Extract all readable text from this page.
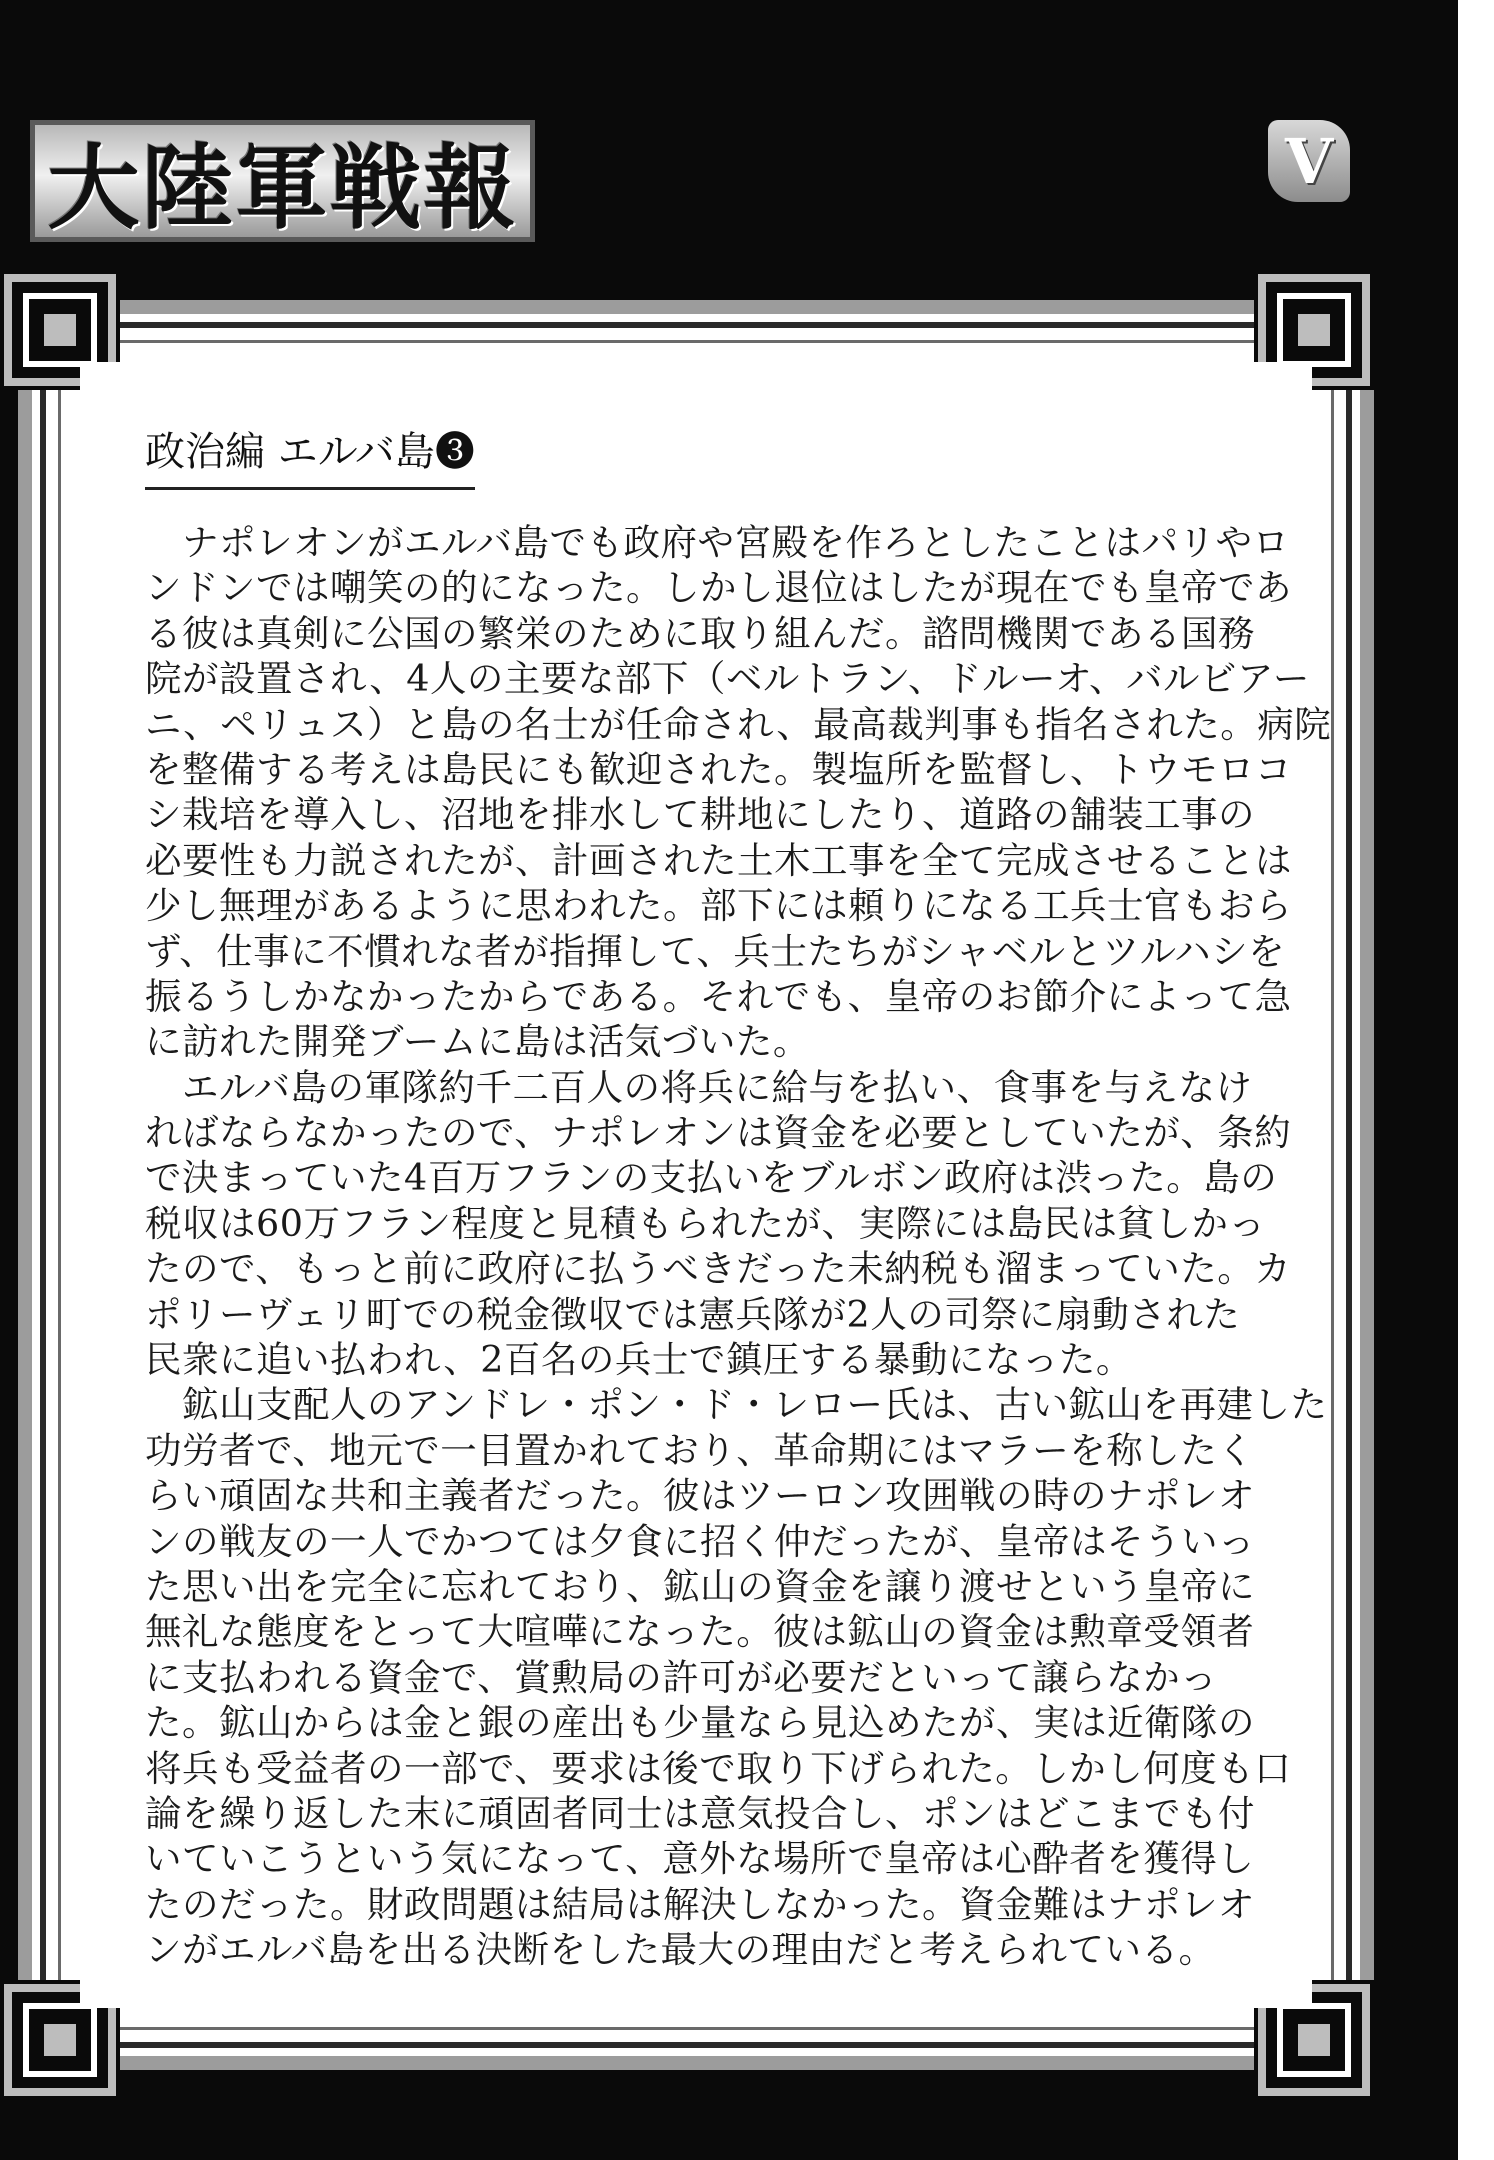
大陸軍戦報	V
政治編 エルバ島❸
　ナポレオンがエルバ島でも政府や宮殿を作ろとしたことはパリやロ
ンドンでは嘲笑の的になった。しかし退位はしたが現在でも皇帝であ
る彼は真剣に公国の繁栄のために取り組んだ。諮問機関である国務
院が設置され、4人の主要な部下（ベルトラン、ドルーオ、バルビアー
ニ、ペリュス）と島の名士が任命され、最高裁判事も指名された。病院
を整備する考えは島民にも歓迎された。製塩所を監督し、トウモロコ
シ栽培を導入し、沼地を排水して耕地にしたり、道路の舗装工事の
必要性も力説されたが、計画された土木工事を全て完成させることは
少し無理があるように思われた。部下には頼りになる工兵士官もおら
ず、仕事に不慣れな者が指揮して、兵士たちがシャベルとツルハシを
振るうしかなかったからである。それでも、皇帝のお節介によって急
に訪れた開発ブームに島は活気づいた。
　エルバ島の軍隊約千二百人の将兵に給与を払い、食事を与えなけ
ればならなかったので、ナポレオンは資金を必要としていたが、条約
で決まっていた4百万フランの支払いをブルボン政府は渋った。島の
税収は60万フラン程度と見積もられたが、実際には島民は貧しかっ
たので、もっと前に政府に払うべきだった未納税も溜まっていた。カ
ポリーヴェリ町での税金徴収では憲兵隊が2人の司祭に扇動された
民衆に追い払われ、2百名の兵士で鎮圧する暴動になった。
　鉱山支配人のアンドレ・ポン・ド・レロー氏は、古い鉱山を再建した
功労者で、地元で一目置かれており、革命期にはマラーを称したく
らい頑固な共和主義者だった。彼はツーロン攻囲戦の時のナポレオ
ンの戦友の一人でかつては夕食に招く仲だったが、皇帝はそういっ
た思い出を完全に忘れており、鉱山の資金を譲り渡せという皇帝に
無礼な態度をとって大喧嘩になった。彼は鉱山の資金は勲章受領者
に支払われる資金で、賞勲局の許可が必要だといって譲らなかっ
た。鉱山からは金と銀の産出も少量なら見込めたが、実は近衛隊の
将兵も受益者の一部で、要求は後で取り下げられた。しかし何度も口
論を繰り返した末に頑固者同士は意気投合し、ポンはどこまでも付
いていこうという気になって、意外な場所で皇帝は心酔者を獲得し
たのだった。財政問題は結局は解決しなかった。資金難はナポレオ
ンがエルバ島を出る決断をした最大の理由だと考えられている。
